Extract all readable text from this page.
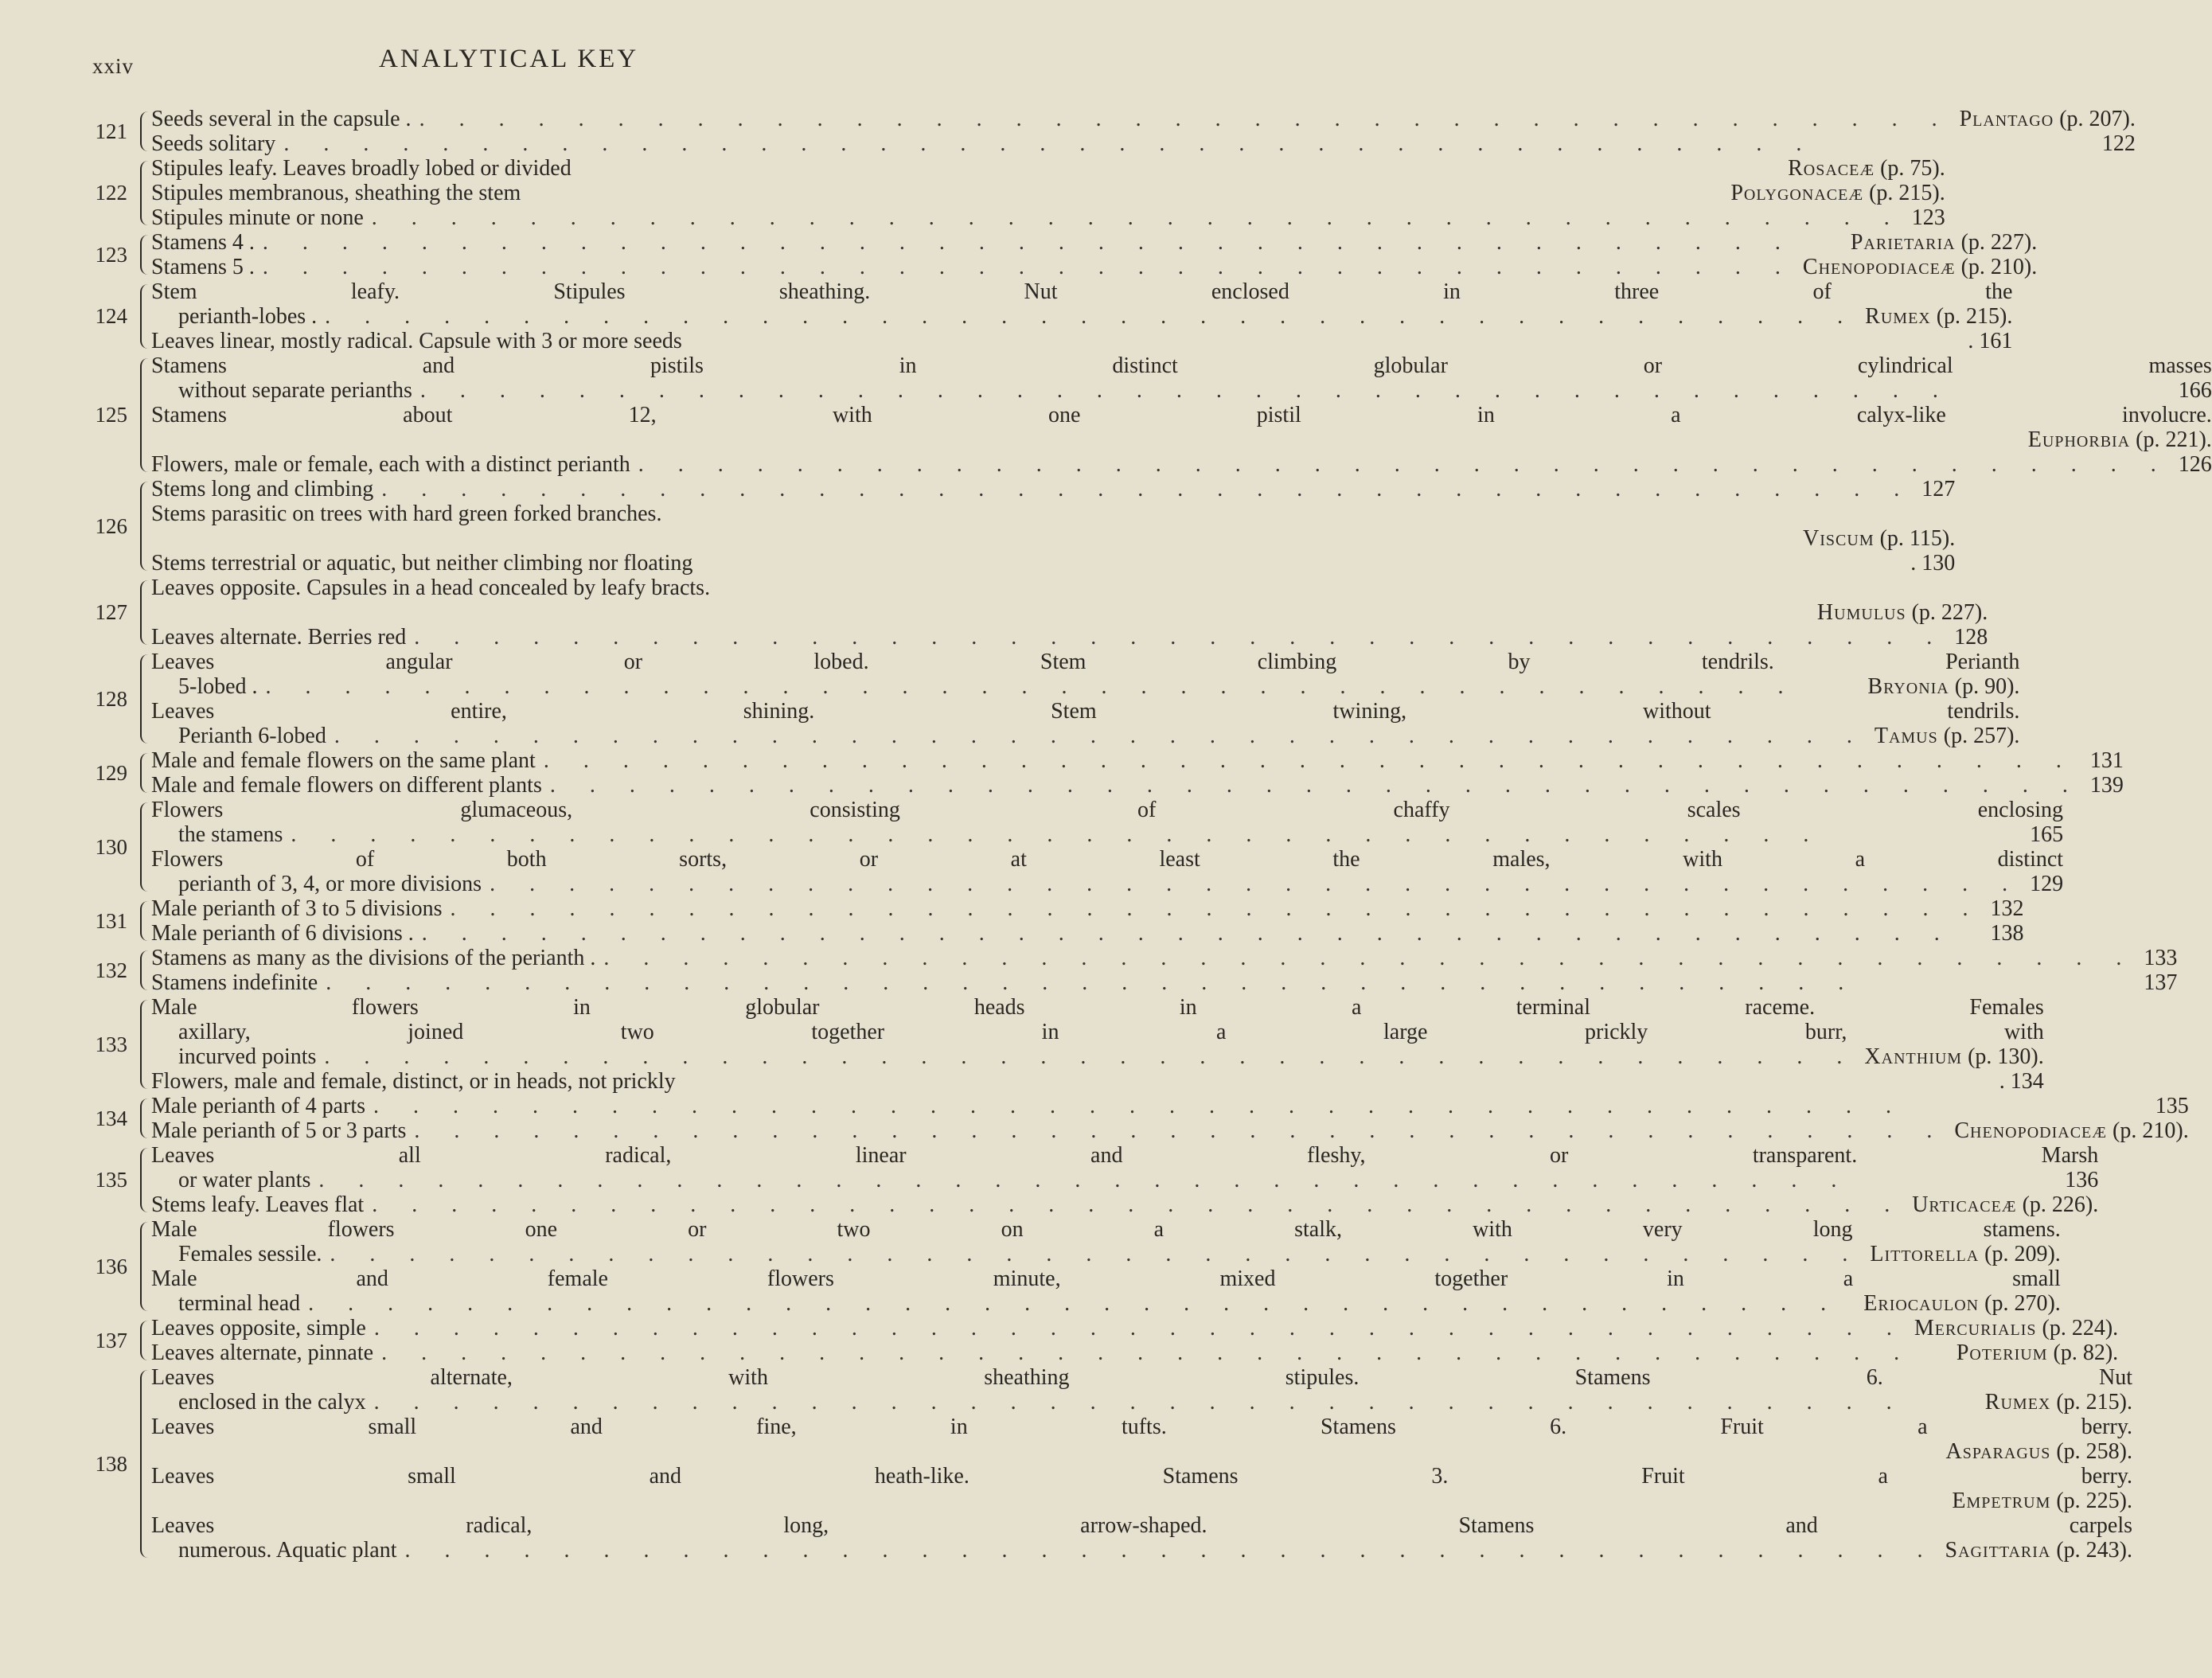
xxiv	ANALYTICAL KEY
121 Seeds several in the capsule . . . .	Plantago (p. 207).
Seeds solitary . . .	122
122
Stipules leafy. Leaves broadly lobed or divided	Rosaceæ (p. 75).
Stipules membranous, sheathing the stem	Polygonaceæ (p. 215).
Stipules minute or none . . .	123
123 Stamens 4 . . . .	Parietaria (p. 227).
Stamens 5 . . . .	Chenopodiaceæ (p. 210).
124
Stem leafy. Stipules sheathing. Nut enclosed in three of the
perianth-lobes . . . .	Rumex (p. 215).
Leaves linear, mostly radical. Capsule with 3 or more seeds	. 161
125
Stamens and pistils in distinct globular or cylindrical masses
without separate perianths . . .	166
Stamens about 12, with one pistil in a calyx-like involucre.
Euphorbia (p. 221).
Flowers, male or female, each with a distinct perianth . . .	126
126
Stems long and climbing . . .	127
Stems parasitic on trees with hard green forked branches.
Viscum (p. 115).
Stems terrestrial or aquatic, but neither climbing nor floating	. 130
127
Leaves opposite. Capsules in a head concealed by leafy bracts.
Humulus (p. 227).
Leaves alternate. Berries red . . .	128
128
Leaves angular or lobed. Stem climbing by tendrils. Perianth
5-lobed . . . .	Bryonia (p. 90).
Leaves entire, shining. Stem twining, without tendrils.
Perianth 6-lobed . . .	Tamus (p. 257).
129 Male and female flowers on the same plant . . .	131
Male and female flowers on different plants . . .	139
130
Flowers glumaceous, consisting of chaffy scales enclosing
the stamens . . .	165
Flowers of both sorts, or at least the males, with a distinct
perianth of 3, 4, or more divisions . . .	129
131 Male perianth of 3 to 5 divisions . . .	132
Male perianth of 6 divisions . . . .	138
132 Stamens as many as the divisions of the perianth . . . .	133
Stamens indefinite . . .	137
133
Male flowers in globular heads in a terminal raceme. Females
axillary, joined two together in a large prickly burr, with
incurved points . . .	Xanthium (p. 130).
Flowers, male and female, distinct, or in heads, not prickly	. 134
134 Male perianth of 4 parts . . .	135
Male perianth of 5 or 3 parts . . .	Chenopodiaceæ (p. 210).
135
Leaves all radical, linear and fleshy, or transparent. Marsh
or water plants . . .	136
Stems leafy. Leaves flat . . .	Urticaceæ (p. 226).
136
Male flowers one or two on a stalk, with very long stamens.
Females sessile. . . .	Littorella (p. 209).
Male and female flowers minute, mixed together in a small
terminal head . . .	Eriocaulon (p. 270).
137 Leaves opposite, simple . . .	Mercurialis (p. 224).
Leaves alternate, pinnate . . .	Poterium (p. 82).
138
Leaves alternate, with sheathing stipules. Stamens 6. Nut
enclosed in the calyx . . .	Rumex (p. 215).
Leaves small and fine, in tufts. Stamens 6. Fruit a berry.
Asparagus (p. 258).
Leaves small and heath-like. Stamens 3. Fruit a berry.
Empetrum (p. 225).
Leaves radical, long, arrow-shaped. Stamens and carpels
numerous. Aquatic plant . . .	Sagittaria (p. 243).
